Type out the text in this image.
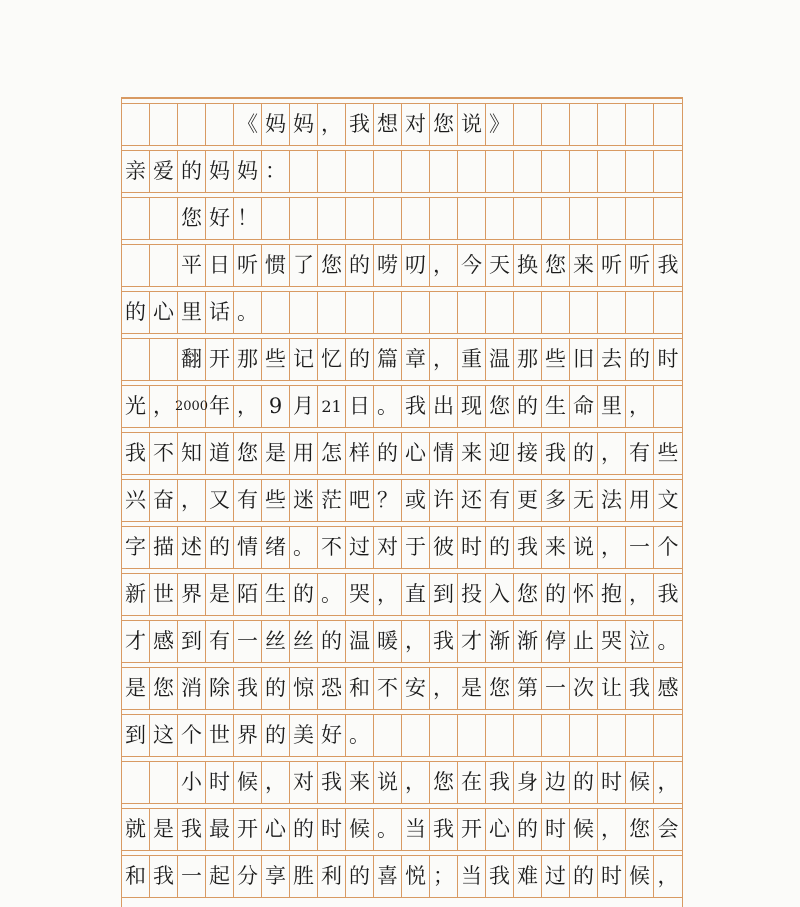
《 妈 妈 ， 我 想 对 您 说 》
亲 爱 的 妈 妈 ：
您 好 ！
平 日 听 惯 了 您 的 唠 叨 ， 今 天 换 您 来 听 听 我
的 心 里 话 。
翻 开 那 些 记 忆 的 篇 章 ， 重 温 那 些 旧 去 的 时
光 ， 2000 年 ， 9 月 21 日 。 我 出 现 您 的 生 命 里 ，
我 不 知 道 您 是 用 怎 样 的 心 情 来 迎 接 我 的 ， 有 些
兴 奋 ， 又 有 些 迷 茫 吧 ？ 或 许 还 有 更 多 无 法 用 文
字 描 述 的 情 绪 。 不 过 对 于 彼 时 的 我 来 说 ， 一 个
新 世 界 是 陌 生 的 。 哭 ， 直 到 投 入 您 的 怀 抱 ， 我
才 感 到 有 一 丝 丝 的 温 暖 ， 我 才 渐 渐 停 止 哭 泣 。
是 您 消 除 我 的 惊 恐 和 不 安 ， 是 您 第 一 次 让 我 感
到 这 个 世 界 的 美 好 。
小 时 候 ， 对 我 来 说 ， 您 在 我 身 边 的 时 候 ，
就 是 我 最 开 心 的 时 候 。 当 我 开 心 的 时 候 ， 您 会
和 我 一 起 分 享 胜 利 的 喜 悦 ； 当 我 难 过 的 时 候 ，
